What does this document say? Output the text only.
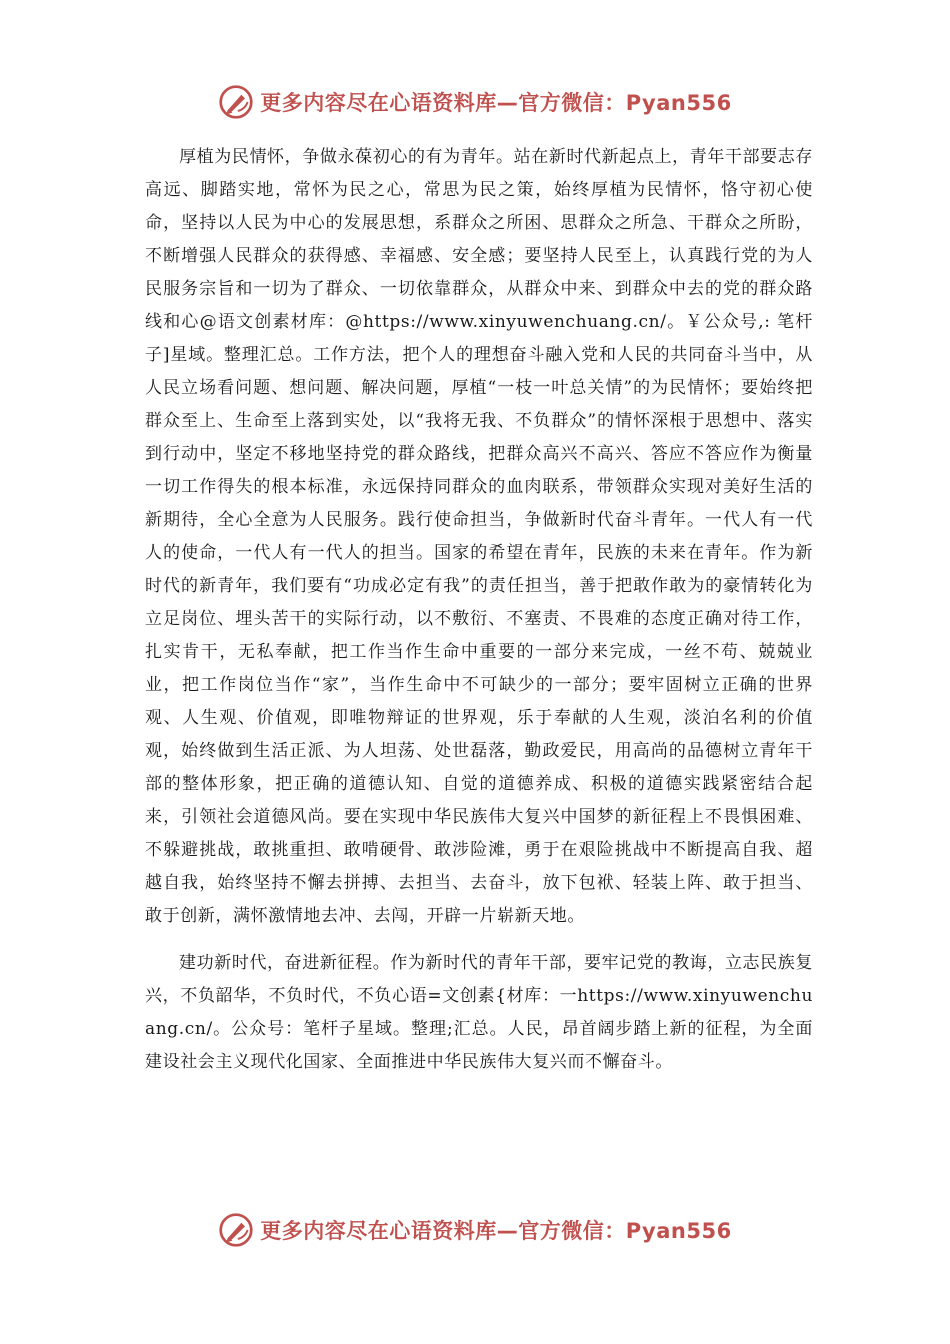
更多内容尽在心语资料库—官方微信：Pyan556

厚植为民情怀，争做永葆初心的有为青年。站在新时代新起点上，青年干部要志存高远、脚踏实地，常怀为民之心，常思为民之策，始终厚植为民情怀，恪守初心使命，坚持以人民为中心的发展思想，系群众之所困、思群众之所急、干群众之所盼，不断增强人民群众的获得感、幸福感、安全感；要坚持人民至上，认真践行党的为人民服务宗旨和一切为了群众、一切依靠群众，从群众中来、到群众中去的党的群众路线和心@语文创素材库：@https://www.xinyuwenchuang.cn/。￥公众号,: 笔杆子]星域。整理汇总。工作方法，把个人的理想奋斗融入党和人民的共同奋斗当中，从人民立场看问题、想问题、解决问题，厚植“一枝一叶总关情”的为民情怀；要始终把群众至上、生命至上落到实处，以“我将无我、不负群众”的情怀深根于思想中、落实到行动中，坚定不移地坚持党的群众路线，把群众高兴不高兴、答应不答应作为衡量一切工作得失的根本标准，永远保持同群众的血肉联系，带领群众实现对美好生活的新期待，全心全意为人民服务。践行使命担当，争做新时代奋斗青年。一代人有一代人的使命，一代人有一代人的担当。国家的希望在青年，民族的未来在青年。作为新时代的新青年，我们要有“功成必定有我”的责任担当，善于把敢作敢为的豪情转化为立足岗位、埋头苦干的实际行动，以不敷衍、不塞责、不畏难的态度正确对待工作，扎实肯干，无私奉献，把工作当作生命中重要的一部分来完成，一丝不苟、兢兢业业，把工作岗位当作“家”，当作生命中不可缺少的一部分；要牢固树立正确的世界观、人生观、价值观，即唯物辩证的世界观，乐于奉献的人生观，淡泊名利的价值观，始终做到生活正派、为人坦荡、处世磊落，勤政爱民，用高尚的品德树立青年干部的整体形象，把正确的道德认知、自觉的道德养成、积极的道德实践紧密结合起来，引领社会道德风尚。要在实现中华民族伟大复兴中国梦的新征程上不畏惧困难、不躲避挑战，敢挑重担、敢啃硬骨、敢涉险滩，勇于在艰险挑战中不断提高自我、超越自我，始终坚持不懈去拼搏、去担当、去奋斗，放下包袱、轻装上阵、敢于担当、敢于创新，满怀激情地去冲、去闯，开辟一片崭新天地。

建功新时代，奋进新征程。作为新时代的青年干部，要牢记党的教诲，立志民族复兴，不负韶华，不负时代，不负心语=文创素{材库：一https://www.xinyuwenchuang.cn/。公众号：笔杆子星域。整理;汇总。人民，昂首阔步踏上新的征程，为全面建设社会主义现代化国家、全面推进中华民族伟大复兴而不懈奋斗。

更多内容尽在心语资料库—官方微信：Pyan556
